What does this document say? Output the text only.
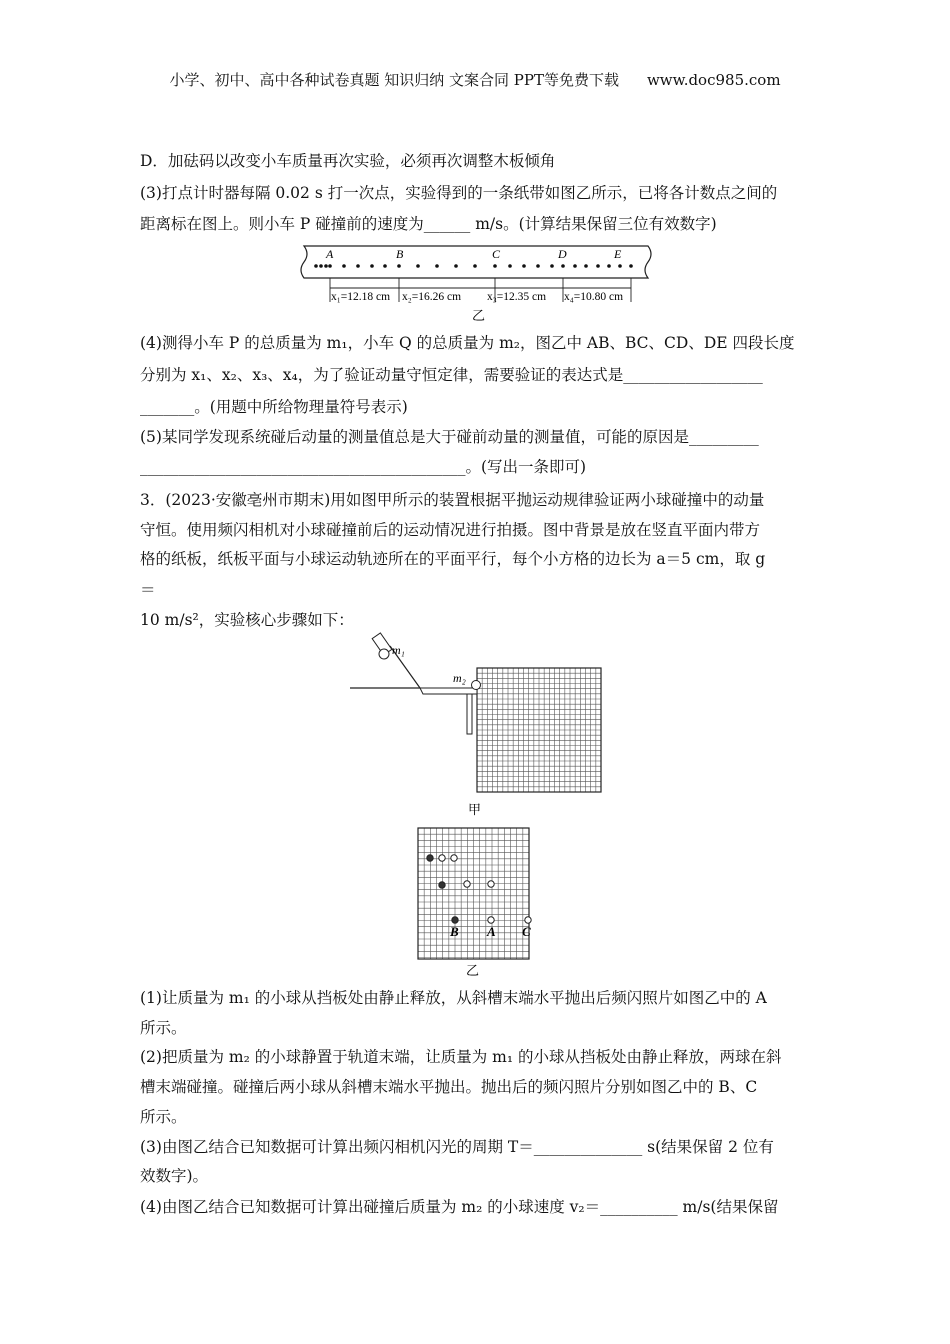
小学、初中、高中各种试卷真题 知识归纳 文案合同 PPT等免费下载 www.doc985.com
D．加砝码以改变小车质量再次实验，必须再次调整木板倾角
(3)打点计时器每隔 0.02 s 打一次点，实验得到的一条纸带如图乙所示，已将各计数点之间的
距离标在图上。则小车 P 碰撞前的速度为______ m/s。(计算结果保留三位有效数字)
A	B	C	D	E
x₁=12.18 cm x₂=16.26 cm x₃=12.35 cm x₄=10.80 cm
乙
(4)测得小车 P 的总质量为 m₁，小车 Q 的总质量为 m₂，图乙中 AB、BC、CD、DE 四段长度
分别为 x₁、x₂、x₃、x₄，为了验证动量守恒定律，需要验证的表达式是__________________
_______。(用题中所给物理量符号表示)
(5)某同学发现系统碰后动量的测量值总是大于碰前动量的测量值，可能的原因是_________
__________________________________________。(写出一条即可)
3．(2023·安徽亳州市期末)用如图甲所示的装置根据平抛运动规律验证两小球碰撞中的动量
守恒。使用频闪相机对小球碰撞前后的运动情况进行拍摄。图中背景是放在竖直平面内带方
格的纸板，纸板平面与小球运动轨迹所在的平面平行，每个小方格的边长为 a＝5 cm，取 g
＝
10 m/s²，实验核心步骤如下：
m₁
m₂
甲
B A C
乙
(1)让质量为 m₁ 的小球从挡板处由静止释放，从斜槽末端水平抛出后频闪照片如图乙中的 A
所示。
(2)把质量为 m₂ 的小球静置于轨道末端，让质量为 m₁ 的小球从挡板处由静止释放，两球在斜
槽末端碰撞。碰撞后两小球从斜槽末端水平抛出。抛出后的频闪照片分别如图乙中的 B、C
所示。
(3)由图乙结合已知数据可计算出频闪相机闪光的周期 T＝______________ s(结果保留 2 位有
效数字)。
(4)由图乙结合已知数据可计算出碰撞后质量为 m₂ 的小球速度 v₂＝__________ m/s(结果保留
